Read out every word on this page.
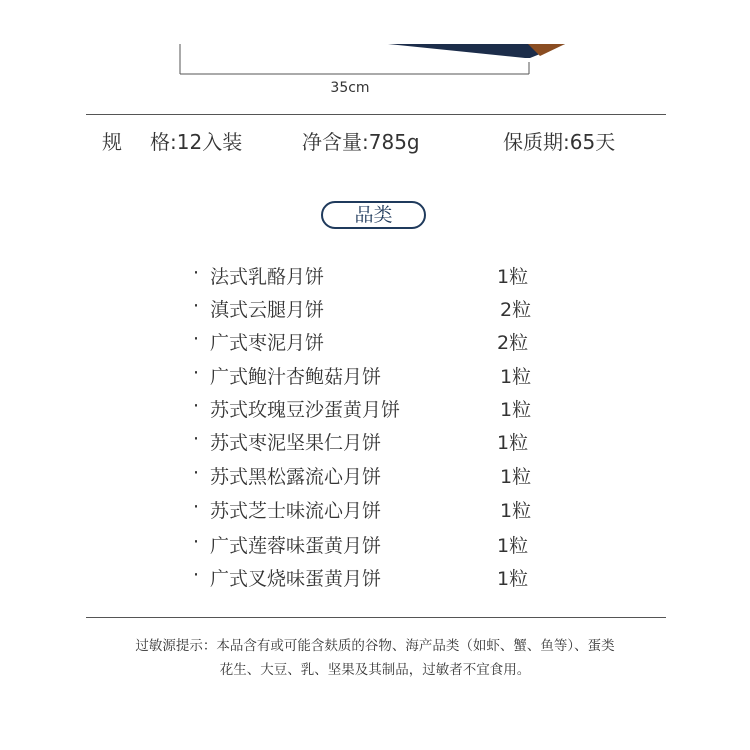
35cm
规格:12入装	净含量:785g	保质期:65天
品类
· 法式乳酪月饼	1粒
· 滇式云腿月饼	2粒
· 广式枣泥月饼	2粒
· 广式鲍汁杏鲍菇月饼	1粒
· 苏式玫瑰豆沙蛋黄月饼	1粒
· 苏式枣泥坚果仁月饼	1粒
· 苏式黑松露流心月饼	1粒
· 苏式芝士味流心月饼	1粒
· 广式莲蓉味蛋黄月饼	1粒
· 广式叉烧味蛋黄月饼	1粒
过敏源提示：本品含有或可能含麸质的谷物、海产品类（如虾、蟹、鱼等）、蛋类
花生、大豆、乳、坚果及其制品，过敏者不宜食用。
